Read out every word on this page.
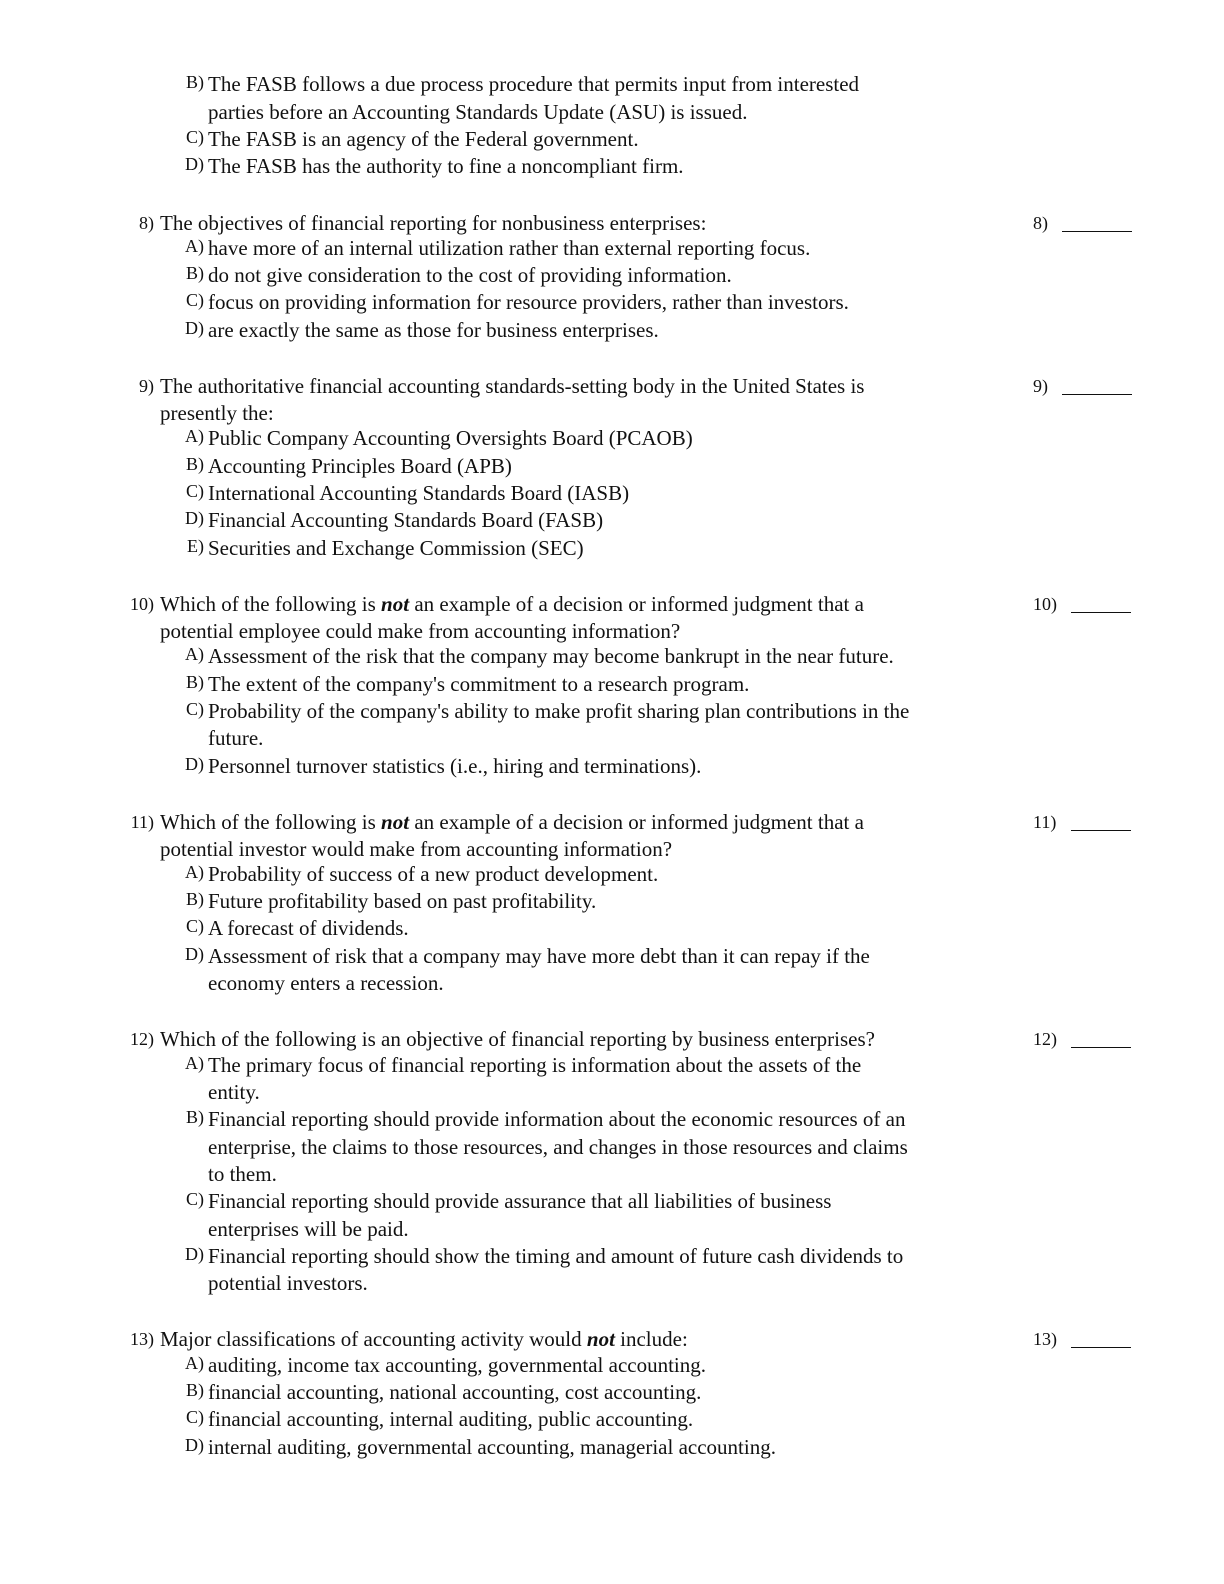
B) The FASB follows a due process procedure that permits input from interested
parties before an Accounting Standards Update (ASU) is issued.
C) The FASB is an agency of the Federal government.
D) The FASB has the authority to fine a noncompliant firm.
8) The objectives of financial reporting for nonbusiness enterprises:	8)
A) have more of an internal utilization rather than external reporting focus.
B) do not give consideration to the cost of providing information.
C) focus on providing information for resource providers, rather than investors.
D) are exactly the same as those for business enterprises.
9) The authoritative financial accounting standards-setting body in the United States is
presently the:
9)
A) Public Company Accounting Oversights Board (PCAOB)
B) Accounting Principles Board (APB)
C) International Accounting Standards Board (IASB)
D) Financial Accounting Standards Board (FASB)
E) Securities and Exchange Commission (SEC)
10) Which of the following is not an example of a decision or informed judgment that a
potential employee could make from accounting information?
10)
A) Assessment of the risk that the company may become bankrupt in the near future.
B) The extent of the company's commitment to a research program.
C) Probability of the company's ability to make profit sharing plan contributions in the
future.
D) Personnel turnover statistics (i.e., hiring and terminations).
11) Which of the following is not an example of a decision or informed judgment that a
potential investor would make from accounting information?
11)
A) Probability of success of a new product development.
B) Future profitability based on past profitability.
C) A forecast of dividends.
D) Assessment of risk that a company may have more debt than it can repay if the
economy enters a recession.
12) Which of the following is an objective of financial reporting by business enterprises?	12)
A) The primary focus of financial reporting is information about the assets of the
entity.
B) Financial reporting should provide information about the economic resources of an
enterprise, the claims to those resources, and changes in those resources and claims
to them.
C) Financial reporting should provide assurance that all liabilities of business
enterprises will be paid.
D) Financial reporting should show the timing and amount of future cash dividends to
potential investors.
13) Major classifications of accounting activity would not include:	13)
A) auditing, income tax accounting, governmental accounting.
B) financial accounting, national accounting, cost accounting.
C) financial accounting, internal auditing, public accounting.
D) internal auditing, governmental accounting, managerial accounting.
